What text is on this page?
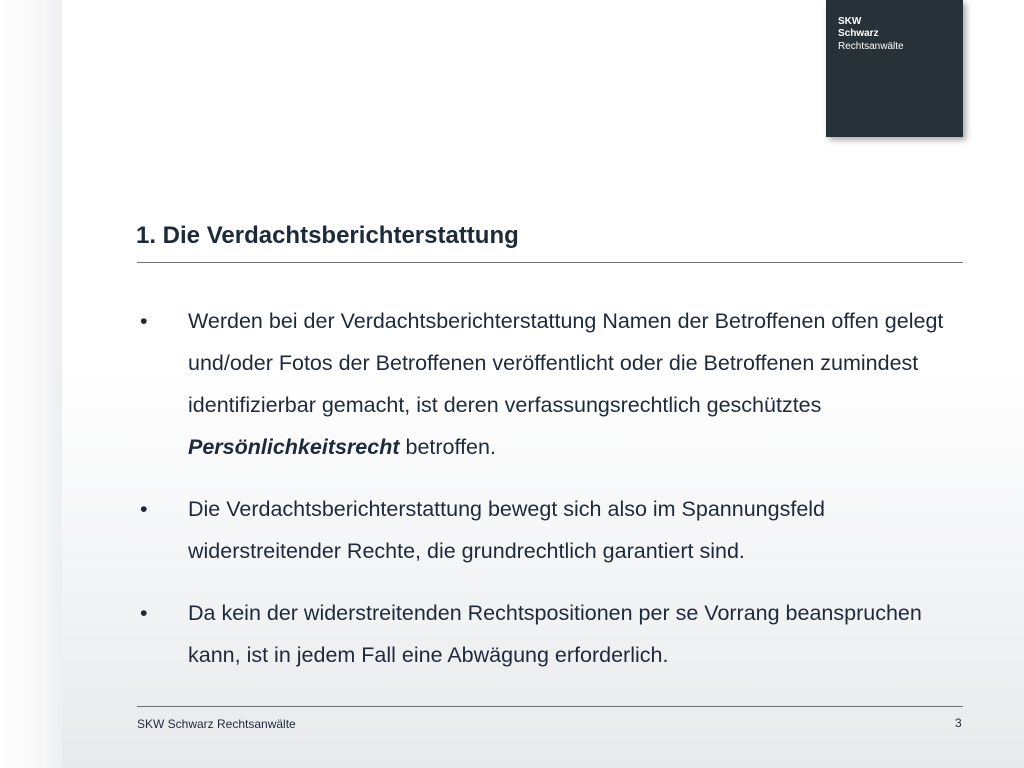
SKW
Schwarz
Rechtsanwälte
1. Die Verdachtsberichterstattung
• Werden bei der Verdachtsberichterstattung Namen der Betroffenen offen gelegt und/oder Fotos der Betroffenen veröffentlicht oder die Betroffenen zumindest identifizierbar gemacht, ist deren verfassungsrechtlich geschütztes Persönlichkeitsrecht betroffen.
• Die Verdachtsberichterstattung bewegt sich also im Spannungsfeld widerstreitender Rechte, die grundrechtlich garantiert sind.
• Da kein der widerstreitenden Rechtspositionen per se Vorrang beanspruchen kann, ist in jedem Fall eine Abwägung erforderlich.
SKW Schwarz Rechtsanwälte	3
